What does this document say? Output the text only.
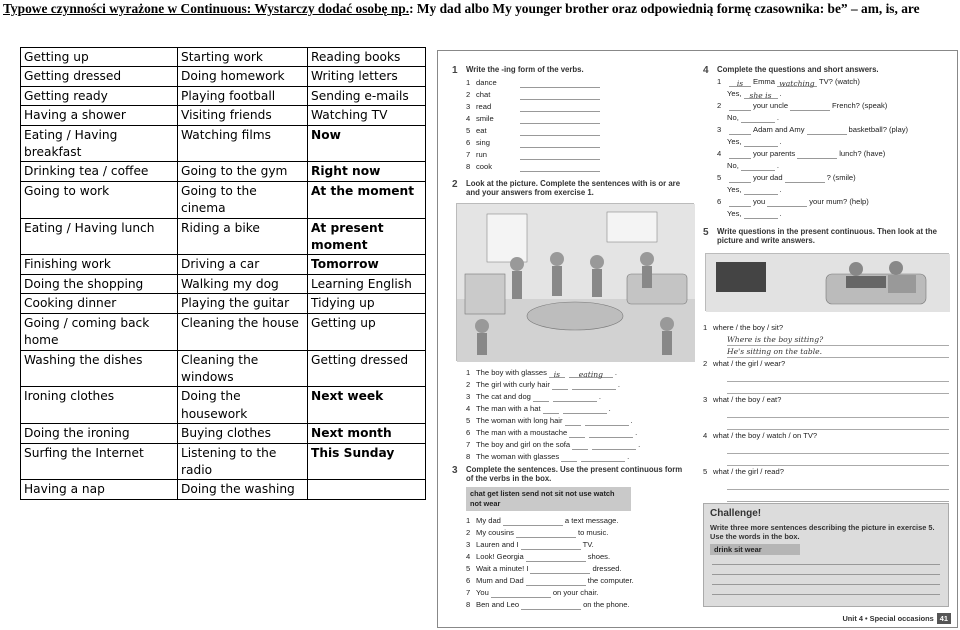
Typowe czynności wyrażone w Continuous: Wystarczy dodać osobę np.: My dad albo My younger brother oraz odpowiednią formę czasownika: be” – am, is, are
Getting up	Starting work	Reading books
Getting dressed	Doing homework	Writing letters
Getting ready	Playing football	Sending e-mails
Having a shower	Visiting friends	Watching TV
Eating / Having breakfast	Watching films	Now
Drinking tea / coffee	Going to the gym	Right now
Going to work	Going to the cinema	At the moment
Eating / Having lunch	Riding a bike	At present moment
Finishing work	Driving a car	Tomorrow
Doing the shopping	Walking my dog	Learning English
Cooking dinner	Playing the guitar	Tidying up
Going / coming back home	Cleaning the house	Getting up
Washing the dishes	Cleaning the windows	Getting dressed
Ironing clothes	Doing the housework	Next week
Doing the ironing	Buying clothes	Next month
Surfing the Internet	Listening to the radio	This Sunday
Having a nap	Doing the washing	
1 Write the -ing form of the verbs.
1 dance
2 chat
3 read
4 smile
5 eat
6 sing
7 run
8 cook
2 Look at the picture. Complete the sentences with is or are and your answers from exercise 1.
1 The boy with glasses is eating .
2 The girl with curly hair	.
3 The cat and dog	.
4 The man with a hat	.
5 The woman with long hair	.
6 The man with a moustache	.
7 The boy and girl on the sofa	.
8 The woman with glasses	.
3 Complete the sentences. Use the present continuous form of the verbs in the box.
chat get listen send not sit not use watch not wear
1 My dad	a text message.
2 My cousins	to music.
3 Lauren and I	TV.
4 Look! Georgia	shoes.
5 Wait a minute! I	dressed.
6 Mum and Dad	the computer.
7 You	on your chair.
8 Ben and Leo	on the phone.
4 Complete the questions and short answers.
1 is Emma watching TV? (watch)
Yes, she is .
2	your uncle	French? (speak)
No,	.
3	Adam and Amy	basketball? (play)
Yes,	.
4	your parents	lunch? (have)
No,	.
5	your dad	? (smile)
Yes,	.
6	you	your mum? (help)
Yes,	.
5 Write questions in the present continuous. Then look at the picture and write answers.
1 where / the boy / sit?
Where is the boy sitting?
He's sitting on the table.
2 what / the girl / wear?
3 what / the boy / eat?
4 what / the boy / watch / on TV?
5 what / the girl / read?
Challenge!
Write three more sentences describing the picture in exercise 5. Use the words in the box.
drink sit wear
Unit 4 • Special occasions 41
